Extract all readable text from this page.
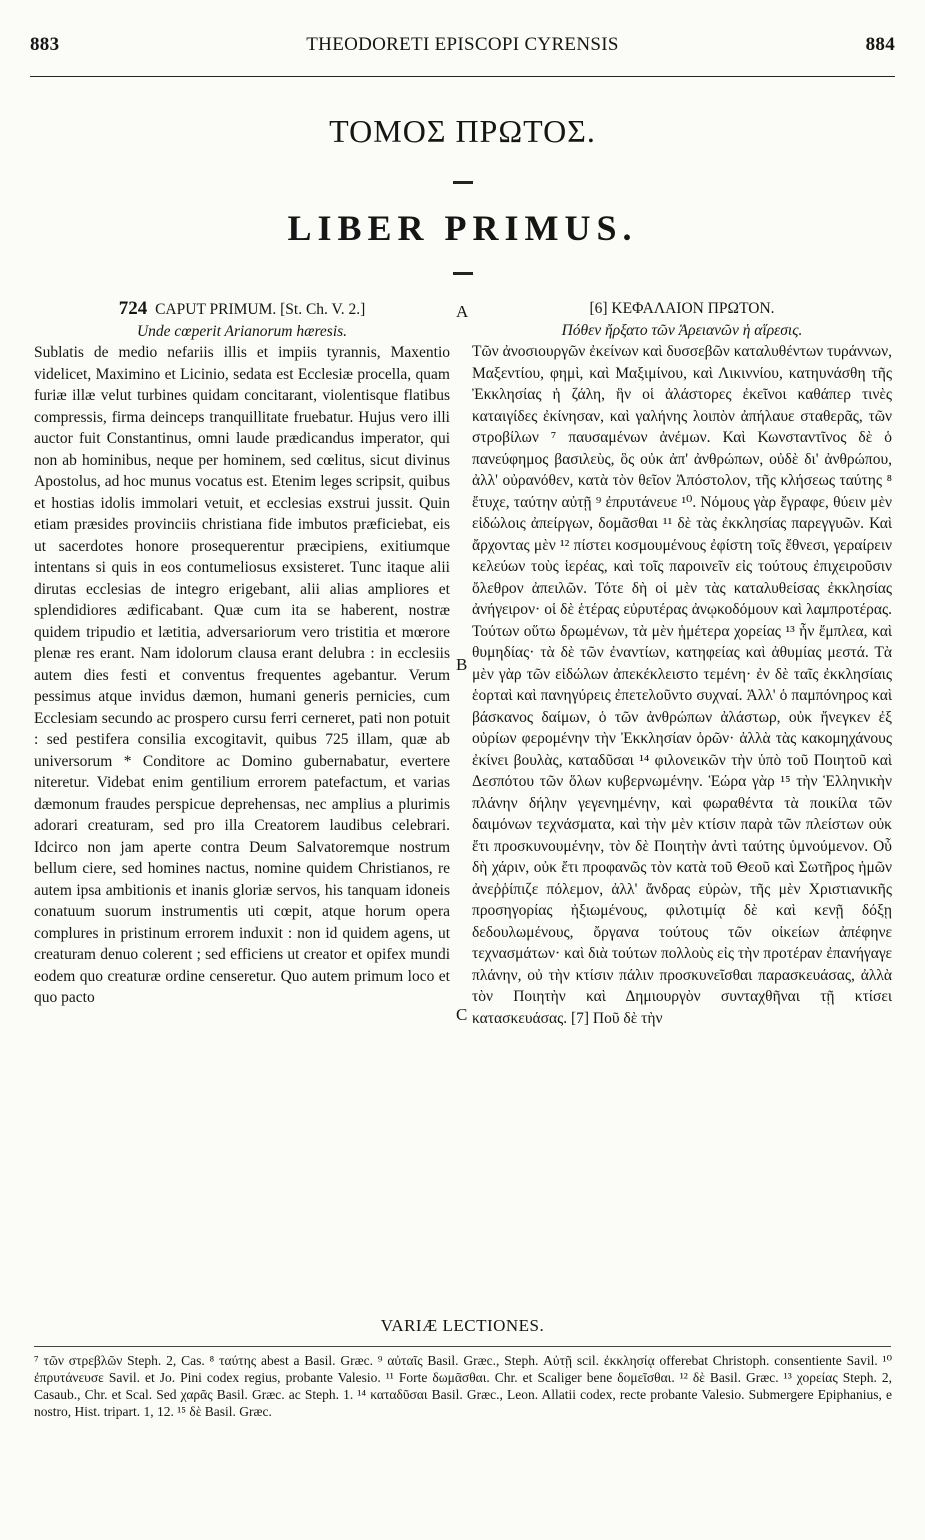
883	THEODORETI EPISCOPI CYRENSIS	884
ΤΟΜΟΣ ΠΡΩΤΟΣ.
LIBER PRIMUS.
724 CAPUT PRIMUM. [St. Ch. V. 2.]
Unde cœperit Arianorum hæresis.

Sublatis de medio nefariis illis et impiis tyrannis, Maxentio videlicet, Maximino et Licinio, sedata est Ecclesiæ procella, quam furiæ illæ velut turbines quidam concitarant, violentisque flatibus compressis, firma deinceps tranquillitate fruebatur. Hujus vero illi auctor fuit Constantinus, omni laude prædicandus imperator, qui non ab hominibus, neque per hominem, sed cœlitus, sicut divinus Apostolus, ad hoc munus vocatus est. Etenim leges scripsit, quibus et hostias idolis immolari vetuit, et ecclesias exstrui jussit. Quin etiam præsides provinciis christiana fide imbutos præficiebat, eis ut sacerdotes honore prosequerentur præcipiens, exitiumque intentans si quis in eos contumeliosus exsisteret. Tunc itaque alii dirutas ecclesias de integro erigebant, alii alias ampliores et splendidiores ædificabant. Quæ cum ita se haberent, nostræ quidem tripudio et lætitia, adversariorum vero tristitia et mœrore plenæ res erant. Nam idolorum clausa erant delubra : in ecclesiis autem dies festi et conventus frequentes agebantur. Verum pessimus atque invidus dæmon, humani generis pernicies, cum Ecclesiam secundo ac prospero cursu ferri cerneret, pati non potuit : sed pestifera consilia excogitavit, quibus 725 illam, quæ ab universorum * Conditore ac Domino gubernabatur, evertere niteretur. Videbat enim gentilium errorem patefactum, et varias dæmonum fraudes perspicue deprehensas, nec amplius a plurimis adorari creaturam, sed pro illa Creatorem laudibus celebrari. Idcirco non jam aperte contra Deum Salvatoremque nostrum bellum ciere, sed homines nactus, nomine quidem Christianos, re autem ipsa ambitionis et inanis gloriæ servos, his tanquam idoneis conatuum suorum instrumentis uti cœpit, atque horum opera complures in pristinum errorem induxit : non id quidem agens, ut creaturam denuo colerent ; sed efficiens ut creator et opifex mundi eodem quo creaturæ ordine censeretur. Quo autem primum loco et quo pacto

A
B
C
[6] ΚΕΦΑΛΑΙΟΝ ΠΡΩΤΟΝ.
Πόθεν ἤρξατο τῶν Ἀρειανῶν ἡ αἵρεσις.

Τῶν ἀνοσιουργῶν ἐκείνων καὶ δυσσεβῶν καταλυθέντων τυράννων, Μαξεντίου, φημὶ, καὶ Μαξιμίνου, καὶ Λικιννίου, κατηυνάσθη τῆς Ἐκκλησίας ἡ ζάλη, ἣν οἱ ἀλάστορες ἐκεῖνοι καθάπερ τινὲς καταιγίδες ἐκίνησαν, καὶ γαλήνης λοιπὸν ἀπήλαυε σταθερᾶς, τῶν στροβίλων ⁷ παυσαμένων ἀνέμων. Καὶ Κωνσταντῖνος δὲ ὁ πανεύφημος βασιλεὺς, ὃς οὐκ ἀπ' ἀνθρώπων, οὐδὲ δι' ἀνθρώπου, ἀλλ' οὐρανόθεν, κατὰ τὸν θεῖον Ἀπόστολον, τῆς κλήσεως ταύτης ⁸ ἔτυχε, ταύτην αὐτῇ ⁹ ἐπρυτάνευε ¹⁰. Νόμους γὰρ ἔγραφε, θύειν μὲν εἰδώλοις ἀπείργων, δομᾶσθαι ¹¹ δὲ τὰς ἐκκλησίας παρεγγυῶν. Καὶ ἄρχοντας μὲν ¹² πίστει κοσμουμένους ἐφίστη τοῖς ἔθνεσι, γεραίρειν κελεύων τοὺς ἱερέας, καὶ τοῖς παροινεῖν εἰς τούτους ἐπιχειροῦσιν ὄλεθρον ἀπειλῶν. Τότε δὴ οἱ μὲν τὰς καταλυθείσας ἐκκλησίας ἀνήγειρον· οἱ δὲ ἑτέρας εὐρυτέρας ἀνῳκοδόμουν καὶ λαμπροτέρας. Τούτων οὕτω δρωμένων, τὰ μὲν ἡμέτερα χορείας ¹³ ἦν ἔμπλεα, καὶ θυμηδίας· τὰ δὲ τῶν ἐναντίων, κατηφείας καὶ ἀθυμίας μεστά. Τὰ μὲν γὰρ τῶν εἰδώλων ἀπεκέκλειστο τεμένη· ἐν δὲ ταῖς ἐκκλησίαις ἑορταὶ καὶ πανηγύρεις ἐπετελοῦντο συχναί. Ἀλλ' ὁ παμπόνηρος καὶ βάσκανος δαίμων, ὁ τῶν ἀνθρώπων ἀλάστωρ, οὐκ ἤνεγκεν ἐξ οὐρίων φερομένην τὴν Ἐκκλησίαν ὁρῶν· ἀλλὰ τὰς κακομηχάνους ἐκίνει βουλὰς, καταδῦσαι ¹⁴ φιλονεικῶν τὴν ὑπὸ τοῦ Ποιητοῦ καὶ Δεσπότου τῶν ὅλων κυβερνωμένην. Ἑώρα γὰρ ¹⁵ τὴν Ἑλληνικὴν πλάνην δήλην γεγενημένην, καὶ φωραθέντα τὰ ποικίλα τῶν δαιμόνων τεχνάσματα, καὶ τὴν μὲν κτίσιν παρὰ τῶν πλείστων οὐκ ἔτι προσκυνουμένην, τὸν δὲ Ποιητὴν ἀντὶ ταύτης ὑμνούμενον. Οὗ δὴ χάριν, οὐκ ἔτι προφανῶς τὸν κατὰ τοῦ Θεοῦ καὶ Σωτῆρος ἡμῶν ἀνεῤῥίπιζε πόλεμον, ἀλλ' ἄνδρας εὑρὼν, τῆς μὲν Χριστιανικῆς προσηγορίας ἠξιωμένους, φιλοτιμίᾳ δὲ καὶ κενῇ δόξῃ δεδουλωμένους, ὄργανα τούτους τῶν οἰκείων ἀπέφηνε τεχνασμάτων· καὶ διὰ τούτων πολλοὺς εἰς τὴν προτέραν ἐπανήγαγε πλάνην, οὐ τὴν κτίσιν πάλιν προσκυνεῖσθαι παρασκευάσας, ἀλλὰ τὸν Ποιητὴν καὶ Δημιουργὸν συνταχθῆναι τῇ κτίσει κατασκευάσας. [7] Ποῦ δὲ τὴν

VARIÆ LECTIONES.

⁷ τῶν στρεβλῶν Steph. 2, Cas. ⁸ ταύτης abest a Basil. Græc. ⁹ αὐταῖς Basil. Græc., Steph. Αὐτῇ scil. ἐκκλησίᾳ offerebat Christoph. consentiente Savil. ¹⁰ ἐπρυτάνευσε Savil. et Jo. Pini codex regius, probante Valesio. ¹¹ Forte δωμᾶσθαι. Chr. et Scaliger bene δομεῖσθαι. ¹² δὲ Basil. Græc. ¹³ χορείας Steph. 2, Casaub., Chr. et Scal. Sed χαρᾶς Basil. Græc. ac Steph. 1. ¹⁴ καταδῦσαι Basil. Græc., Leon. Allatii codex, recte probante Valesio. Submergere Epiphanius, e nostro, Hist. tripart. 1, 12. ¹⁵ δὲ Basil. Græc.
